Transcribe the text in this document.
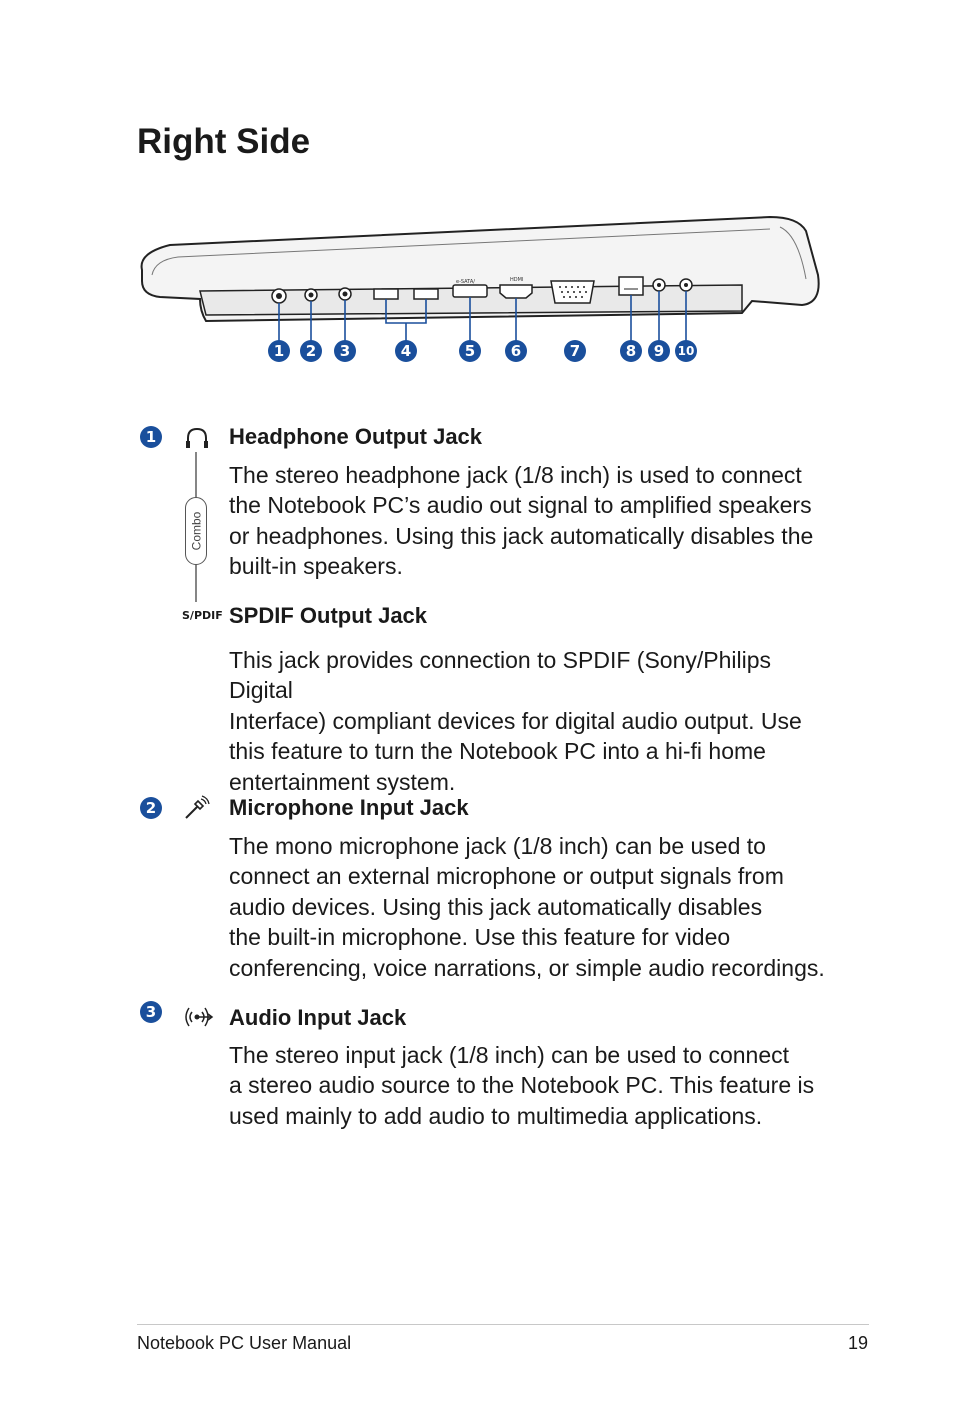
Right Side
e-SATA/	HDMI
1	2	3	4	5	6	7	8	9	10
1
Combo
Headphone Output Jack

The stereo headphone jack (1/8 inch) is used to connect
the Notebook PC’s audio out signal to amplified speakers
or headphones. Using this jack automatically disables the
built-in speakers.

S/PDIF SPDIF Output Jack

This jack provides connection to SPDIF (Sony/Philips Digital
Interface) compliant devices for digital audio output. Use
this feature to turn the Notebook PC into a hi-fi home
entertainment system.

2	Microphone Input Jack

The mono microphone jack (1/8 inch) can be used to
connect an external microphone or output signals from
audio devices. Using this jack automatically disables
the built-in microphone. Use this feature for video
conferencing, voice narrations, or simple audio recordings.

3	Audio Input Jack

The stereo input jack (1/8 inch) can be used to connect
a stereo audio source to the Notebook PC. This feature is
used mainly to add audio to multimedia applications.

Notebook PC User Manual	19
